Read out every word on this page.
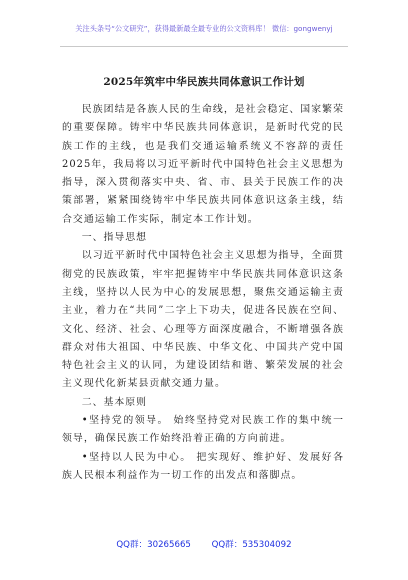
关注头条号“公文研究”，获得最新最全最专业的公文资料库！ 微信：gongwenyj
2025年筑牢中华民族共同体意识工作计划

民族团结是各族人民的生命线，是社会稳定、国家繁荣的重要保障。铸牢中华民族共同体意识，是新时代党的民族工作的主线，也是我们交通运输系统义不容辞的责任2025年，我局将以习近平新时代中国特色社会主义思想为指导，深入贯彻落实中央、省、市、县关于民族工作的决策部署，紧紧围绕铸牢中华民族共同体意识这条主线，结合交通运输工作实际，制定本工作计划。

一、指导思想

以习近平新时代中国特色社会主义思想为指导，全面贯彻党的民族政策，牢牢把握铸牢中华民族共同体意识这条主线，坚持以人民为中心的发展思想，聚焦交通运输主责主业，着力在“共同”二字上下功夫，促进各民族在空间、文化、经济、社会、心理等方面深度融合，不断增强各族群众对伟大祖国、中华民族、中华文化、中国共产党中国特色社会主义的认同，为建设团结和谐、繁荣发展的社会主义现代化新某县贡献交通力量。

二、基本原则

•坚持党的领导。 始终坚持党对民族工作的集中统一领导，确保民族工作始终沿着正确的方向前进。

•坚持以人民为中心。 把实现好、维护好、发展好各族人民根本利益作为一切工作的出发点和落脚点。

QQ群：30265665 QQ群：535304092
